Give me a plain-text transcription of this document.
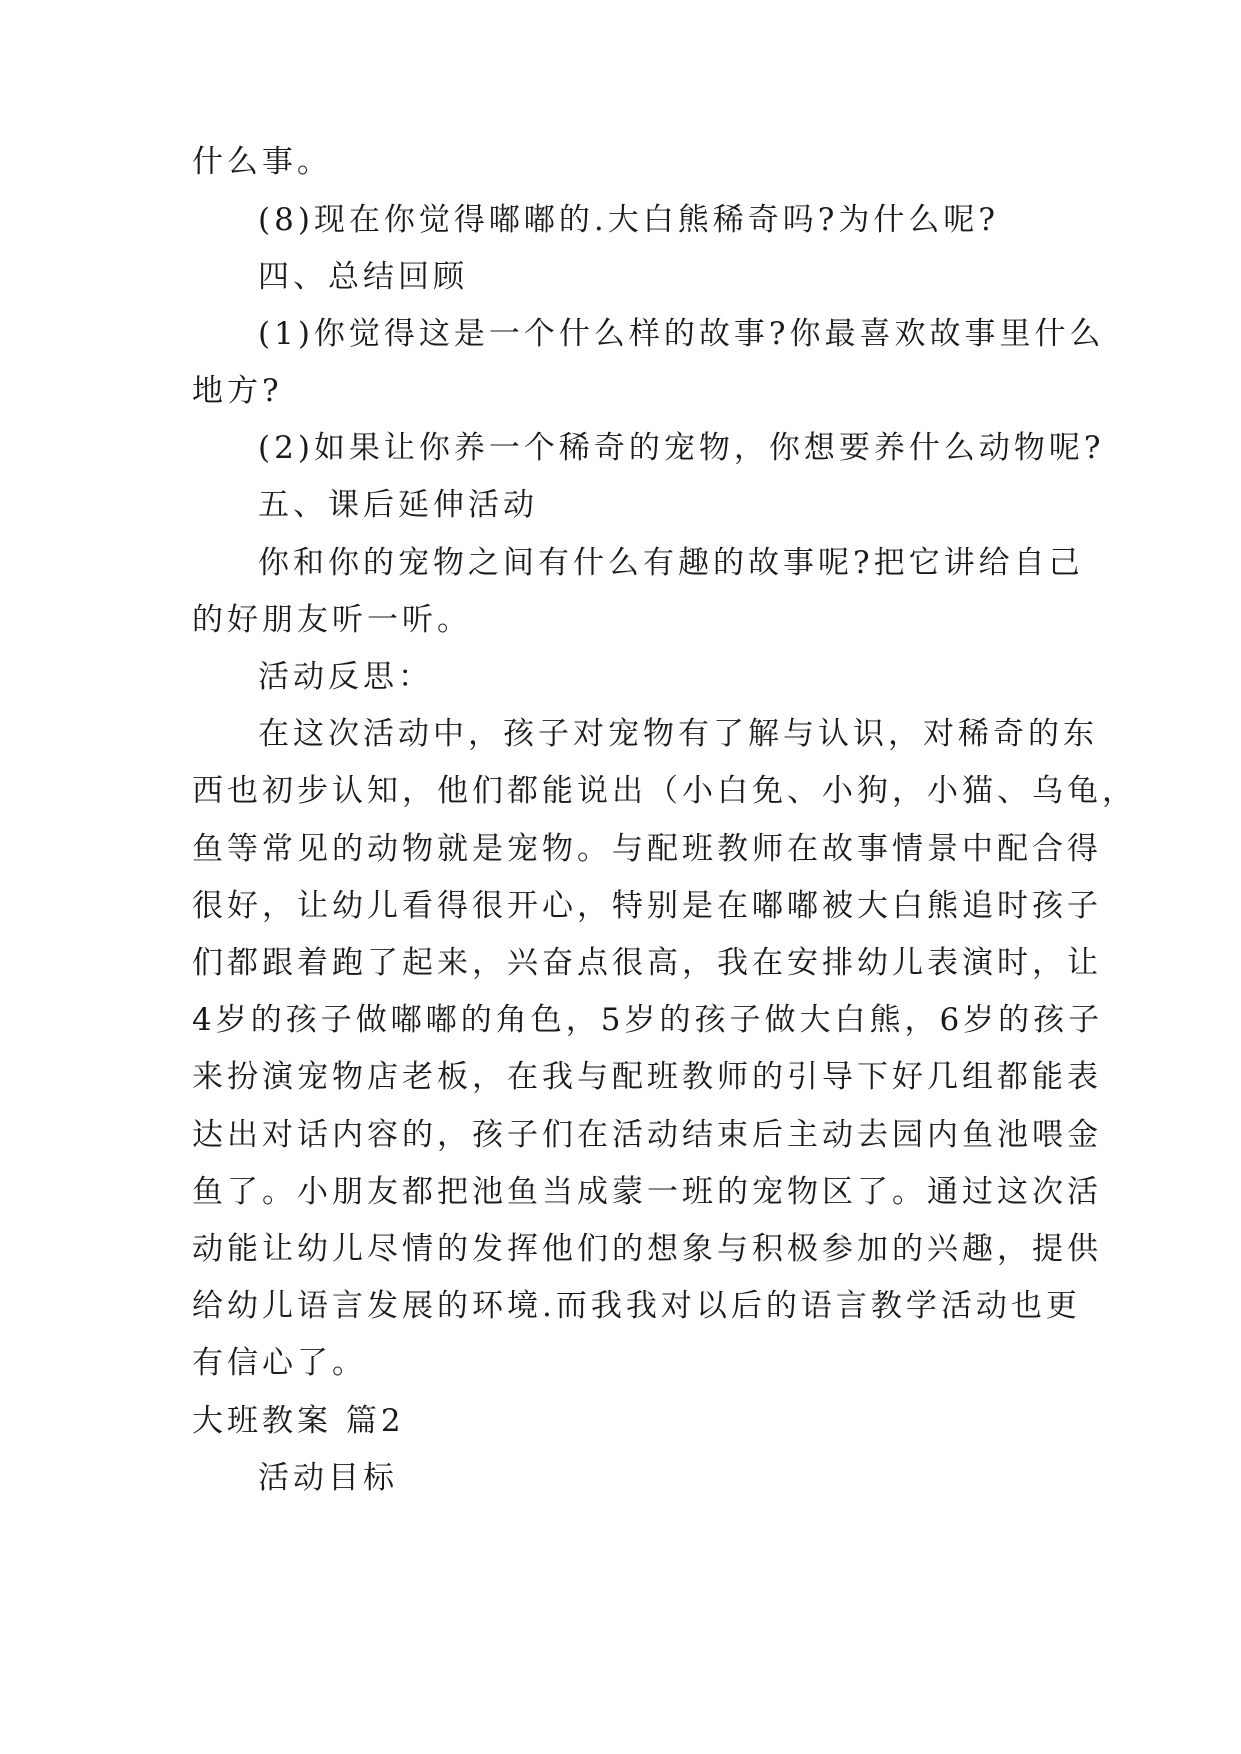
什么事。
(8)现在你觉得嘟嘟的.大白熊稀奇吗?为什么呢?
四、总结回顾
(1)你觉得这是一个什么样的故事?你最喜欢故事里什么
地方?
(2)如果让你养一个稀奇的宠物，你想要养什么动物呢?
五、课后延伸活动
你和你的宠物之间有什么有趣的故事呢?把它讲给自己
的好朋友听一听。
活动反思：
在这次活动中，孩子对宠物有了解与认识，对稀奇的东
西也初步认知，他们都能说出（小白免、小狗，小猫、乌龟，
鱼等常见的动物就是宠物。与配班教师在故事情景中配合得
很好，让幼儿看得很开心，特别是在嘟嘟被大白熊追时孩子
们都跟着跑了起来，兴奋点很高，我在安排幼儿表演时，让
4岁的孩子做嘟嘟的角色，5岁的孩子做大白熊，6岁的孩子
来扮演宠物店老板，在我与配班教师的引导下好几组都能表
达出对话内容的，孩子们在活动结束后主动去园内鱼池喂金
鱼了。小朋友都把池鱼当成蒙一班的宠物区了。通过这次活
动能让幼儿尽情的发挥他们的想象与积极参加的兴趣，提供
给幼儿语言发展的环境.而我我对以后的语言教学活动也更
有信心了。
大班教案 篇2
活动目标
